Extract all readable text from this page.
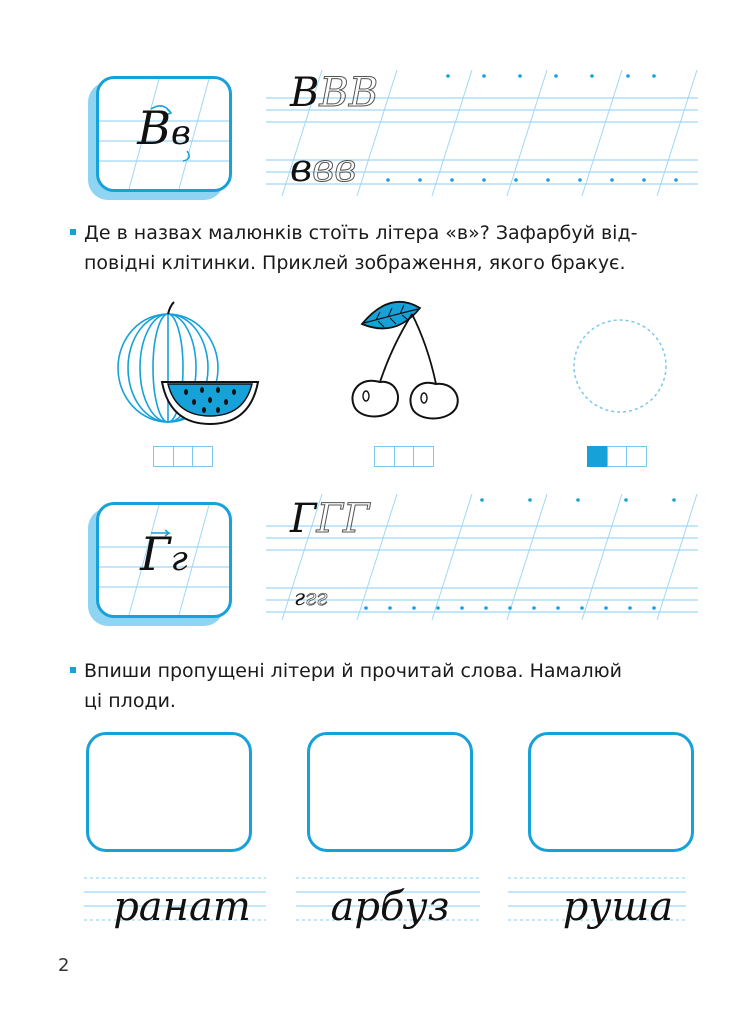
Вв
ВВВ
ввв
Де в назвах малюнків стоїть літера «в»? Зафарбуй від-
повідні клітинки. Приклей зображення, якого бракує.
Гг
ГГГ
ггг
Впиши пропущені літери й прочитай слова. Намалюй
ці плоди.
ранат	арбуз	руша
2
